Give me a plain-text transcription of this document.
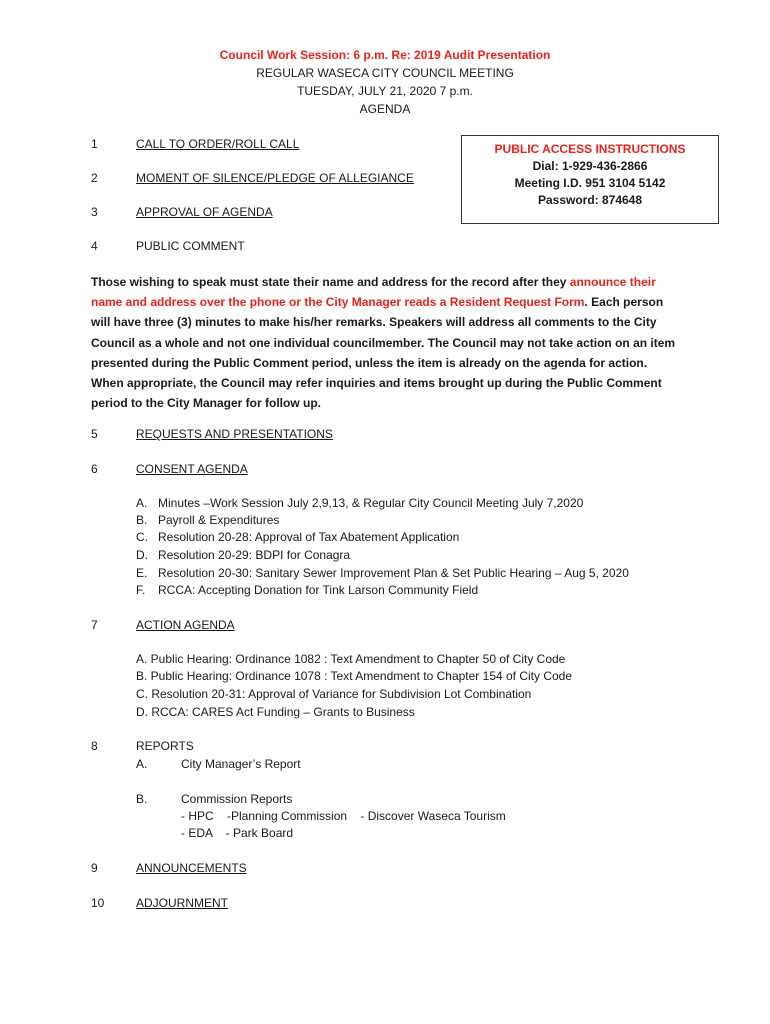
Council Work Session: 6 p.m. Re: 2019 Audit Presentation
REGULAR WASECA CITY COUNCIL MEETING
TUESDAY, JULY 21, 2020 7 p.m.
AGENDA
PUBLIC ACCESS INSTRUCTIONS
Dial: 1-929-436-2866
Meeting I.D. 951 3104 5142
Password: 874648
1	CALL TO ORDER/ROLL CALL
2	MOMENT OF SILENCE/PLEDGE OF ALLEGIANCE
3	APPROVAL OF AGENDA
4	PUBLIC COMMENT
Those wishing to speak must state their name and address for the record after they announce their name and address over the phone or the City Manager reads a Resident Request Form. Each person will have three (3) minutes to make his/her remarks. Speakers will address all comments to the City Council as a whole and not one individual councilmember. The Council may not take action on an item presented during the Public Comment period, unless the item is already on the agenda for action. When appropriate, the Council may refer inquiries and items brought up during the Public Comment period to the City Manager for follow up.
5	REQUESTS AND PRESENTATIONS
6	CONSENT AGENDA
A. Minutes –Work Session July 2,9,13, & Regular City Council Meeting July 7,2020
B. Payroll & Expenditures
C. Resolution 20-28: Approval of Tax Abatement Application
D. Resolution 20-29: BDPI for Conagra
E. Resolution 20-30: Sanitary Sewer Improvement Plan & Set Public Hearing – Aug 5, 2020
F. RCCA: Accepting Donation for Tink Larson Community Field
7	ACTION AGENDA
A. Public Hearing: Ordinance 1082 : Text Amendment to Chapter 50 of City Code
B. Public Hearing: Ordinance 1078 : Text Amendment to Chapter 154 of City Code
C. Resolution 20-31: Approval of Variance for Subdivision Lot Combination
D. RCCA: CARES Act Funding – Grants to Business
8	REPORTS
A.	City Manager’s Report
B.	Commission Reports
- HPC    -Planning Commission    - Discover Waseca Tourism
- EDA    - Park Board
9	ANNOUNCEMENTS
10	ADJOURNMENT
